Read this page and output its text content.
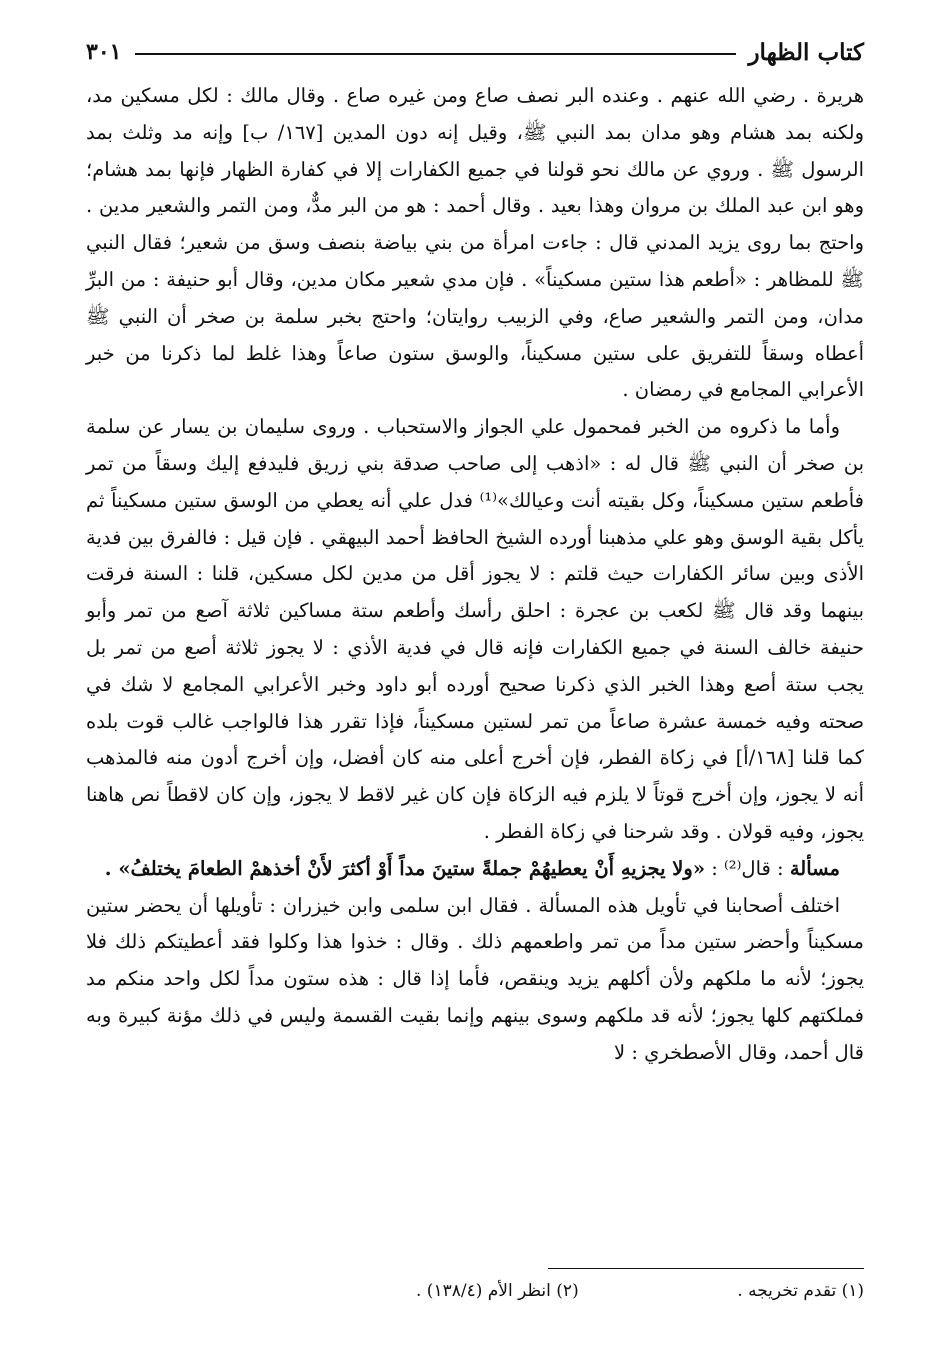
كتاب الظهار
٣٠١

هريرة . رضي الله عنهم . وعنده البر نصف صاع ومن غيره صاع . وقال مالك : لكل مسكين مد، ولكنه بمد هشام وهو مدان بمد النبي ﷺ، وقيل إنه دون المدين [١٦٧/ ب] وإنه مد وثلث بمد الرسول ﷺ . وروي عن مالك نحو قولنا في جميع الكفارات إلا في كفارة الظهار فإنها بمد هشام؛ وهو ابن عبد الملك بن مروان وهذا بعيد . وقال أحمد : هو من البر مدٌّ، ومن التمر والشعير مدين . واحتج بما روى يزيد المدني قال : جاءت امرأة من بني بياضة بنصف وسق من شعير؛ فقال النبي ﷺ للمظاهر : «أطعم هذا ستين مسكيناً» . فإن مدي شعير مكان مدين، وقال أبو حنيفة : من البرِّ مدان، ومن التمر والشعير صاع، وفي الزبيب روايتان؛ واحتج بخبر سلمة بن صخر أن النبي ﷺ أعطاه وسقاً للتفريق على ستين مسكيناً، والوسق ستون صاعاً وهذا غلط لما ذكرنا من خبر الأعرابي المجامع في رمضان .

وأما ما ذكروه من الخبر فمحمول علي الجواز والاستحباب . وروى سليمان بن يسار عن سلمة بن صخر أن النبي ﷺ قال له : «اذهب إلى صاحب صدقة بني زريق فليدفع إليك وسقاً من تمر فأطعم ستين مسكيناً، وكل بقيته أنت وعيالك»⁽¹⁾ فدل علي أنه يعطي من الوسق ستين مسكيناً ثم يأكل بقية الوسق وهو علي مذهبنا أورده الشيخ الحافظ أحمد البيهقي . فإن قيل : فالفرق بين فدية الأذى وبين سائر الكفارات حيث قلتم : لا يجوز أقل من مدين لكل مسكين، قلنا : السنة فرقت بينهما وقد قال ﷺ لكعب بن عجرة : احلق رأسك وأطعم ستة مساكين ثلاثة آصع من تمر وأبو حنيفة خالف السنة في جميع الكفارات فإنه قال في فدية الأذي : لا يجوز ثلاثة أصع من تمر بل يجب ستة أصع وهذا الخبر الذي ذكرنا صحيح أورده أبو داود وخبر الأعرابي المجامع لا شك في صحته وفيه خمسة عشرة صاعاً من تمر لستين مسكيناً، فإذا تقرر هذا فالواجب غالب قوت بلده كما قلنا [١٦٨/أ] في زكاة الفطر، فإن أخرج أعلى منه كان أفضل، وإن أخرج أدون منه فالمذهب أنه لا يجوز، وإن أخرج قوتاً لا يلزم فيه الزكاة فإن كان غير لاقط لا يجوز، وإن كان لاقطاً نص هاهنا يجوز، وفيه قولان . وقد شرحنا في زكاة الفطر .

مسألة : قال⁽²⁾ : «ولا يجزيهِ أَنْ يعطيهُمْ جملةً ستينَ مداً أَوْ أكثرَ لأَنْ أخذهمْ الطعامَ يختلفُ» .

اختلف أصحابنا في تأويل هذه المسألة . فقال ابن سلمى وابن خيزران : تأويلها أن يحضر ستين مسكيناً وأحضر ستين مداً من تمر واطعمهم ذلك . وقال : خذوا هذا وكلوا فقد أعطيتكم ذلك فلا يجوز؛ لأنه ما ملكهم ولأن أكلهم يزيد وينقص، فأما إذا قال : هذه ستون مداً لكل واحد منكم مد فملكتهم كلها يجوز؛ لأنه قد ملكهم وسوى بينهم وإنما بقيت القسمة وليس في ذلك مؤنة كبيرة وبه قال أحمد، وقال الأصطخري : لا

(١) تقدم تخريجه .
(٢) انظر الأم (١٣٨/٤) .
